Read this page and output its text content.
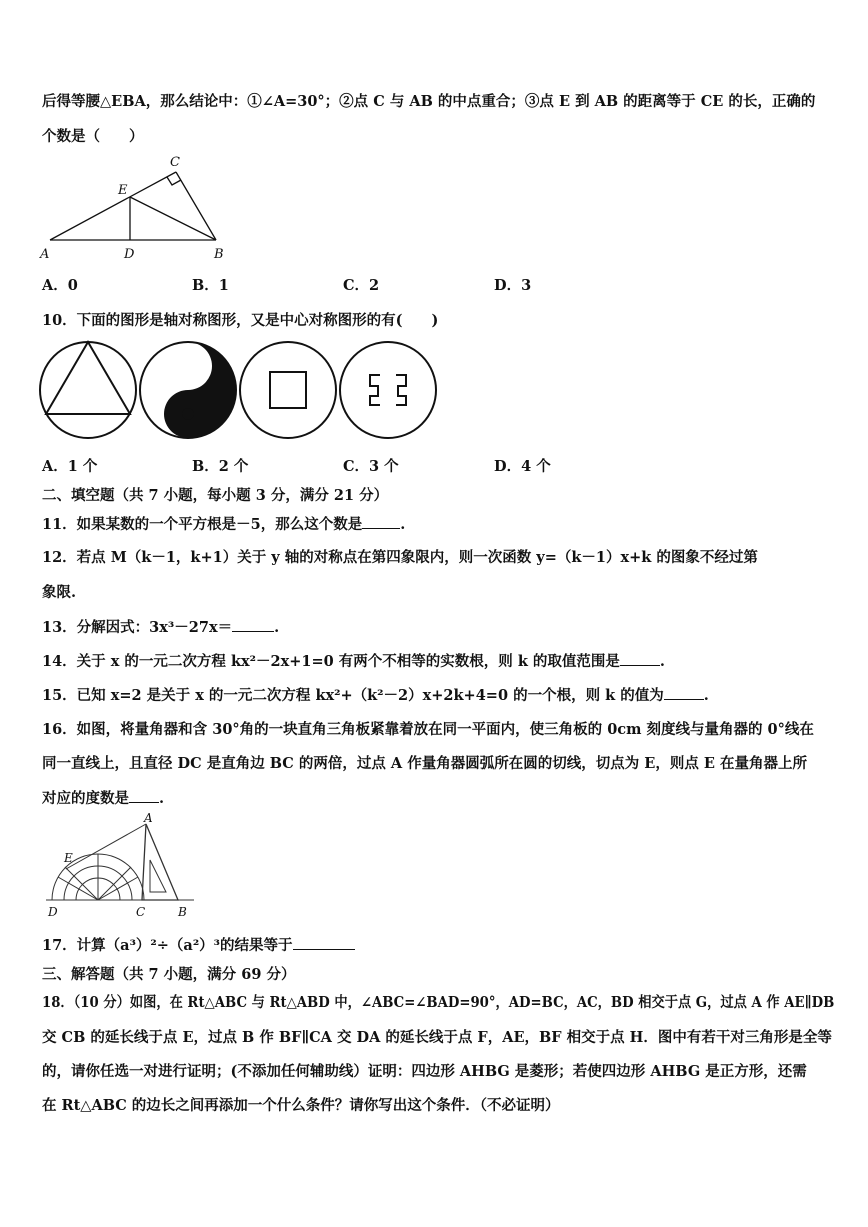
后得等腰△EBA，那么结论中：①∠A=30°；②点 C 与 AB 的中点重合；③点 E 到 AB 的距离等于 CE 的长，正确的
个数是（　　）
C
E
A	D	B
A．0	B．1	C．2	D．3
10．下面的图形是轴对称图形，又是中心对称图形的有(　　)
A．1 个	B．2 个	C．3 个	D．4 个
二、填空题（共 7 小题，每小题 3 分，满分 21 分）
11．如果某数的一个平方根是－5，那么这个数是	.
12．若点 M（k－1，k+1）关于 y 轴的对称点在第四象限内，则一次函数 y=（k－1）x+k 的图象不经过第
象限.
13．分解因式：3x³－27x＝	.
14．关于 x 的一元二次方程 kx²－2x+1=0 有两个不相等的实数根，则 k 的取值范围是	.
15．已知 x=2 是关于 x 的一元二次方程 kx²+（k²－2）x+2k+4=0 的一个根，则 k 的值为	.
16．如图，将量角器和含 30°角的一块直角三角板紧靠着放在同一平面内，使三角板的 0cm 刻度线与量角器的 0°线在
同一直线上，且直径 DC 是直角边 BC 的两倍，过点 A 作量角器圆弧所在圆的切线，切点为 E，则点 E 在量角器上所
对应的度数是 .
A
E
D	C	B
17．计算（a³）²÷（a²）³的结果等于
三、解答题（共 7 小题，满分 69 分）
18．（10 分）如图，在 Rt△ABC 与 Rt△ABD 中，∠ABC=∠BAD=90°，AD=BC，AC，BD 相交于点 G，过点 A 作 AE∥DB
交 CB 的延长线于点 E，过点 B 作 BF∥CA 交 DA 的延长线于点 F，AE，BF 相交于点 H．图中有若干对三角形是全等
的，请你任选一对进行证明；(不添加任何辅助线）证明：四边形 AHBG 是菱形；若使四边形 AHBG 是正方形，还需
在 Rt△ABC 的边长之间再添加一个什么条件？请你写出这个条件．（不必证明）
